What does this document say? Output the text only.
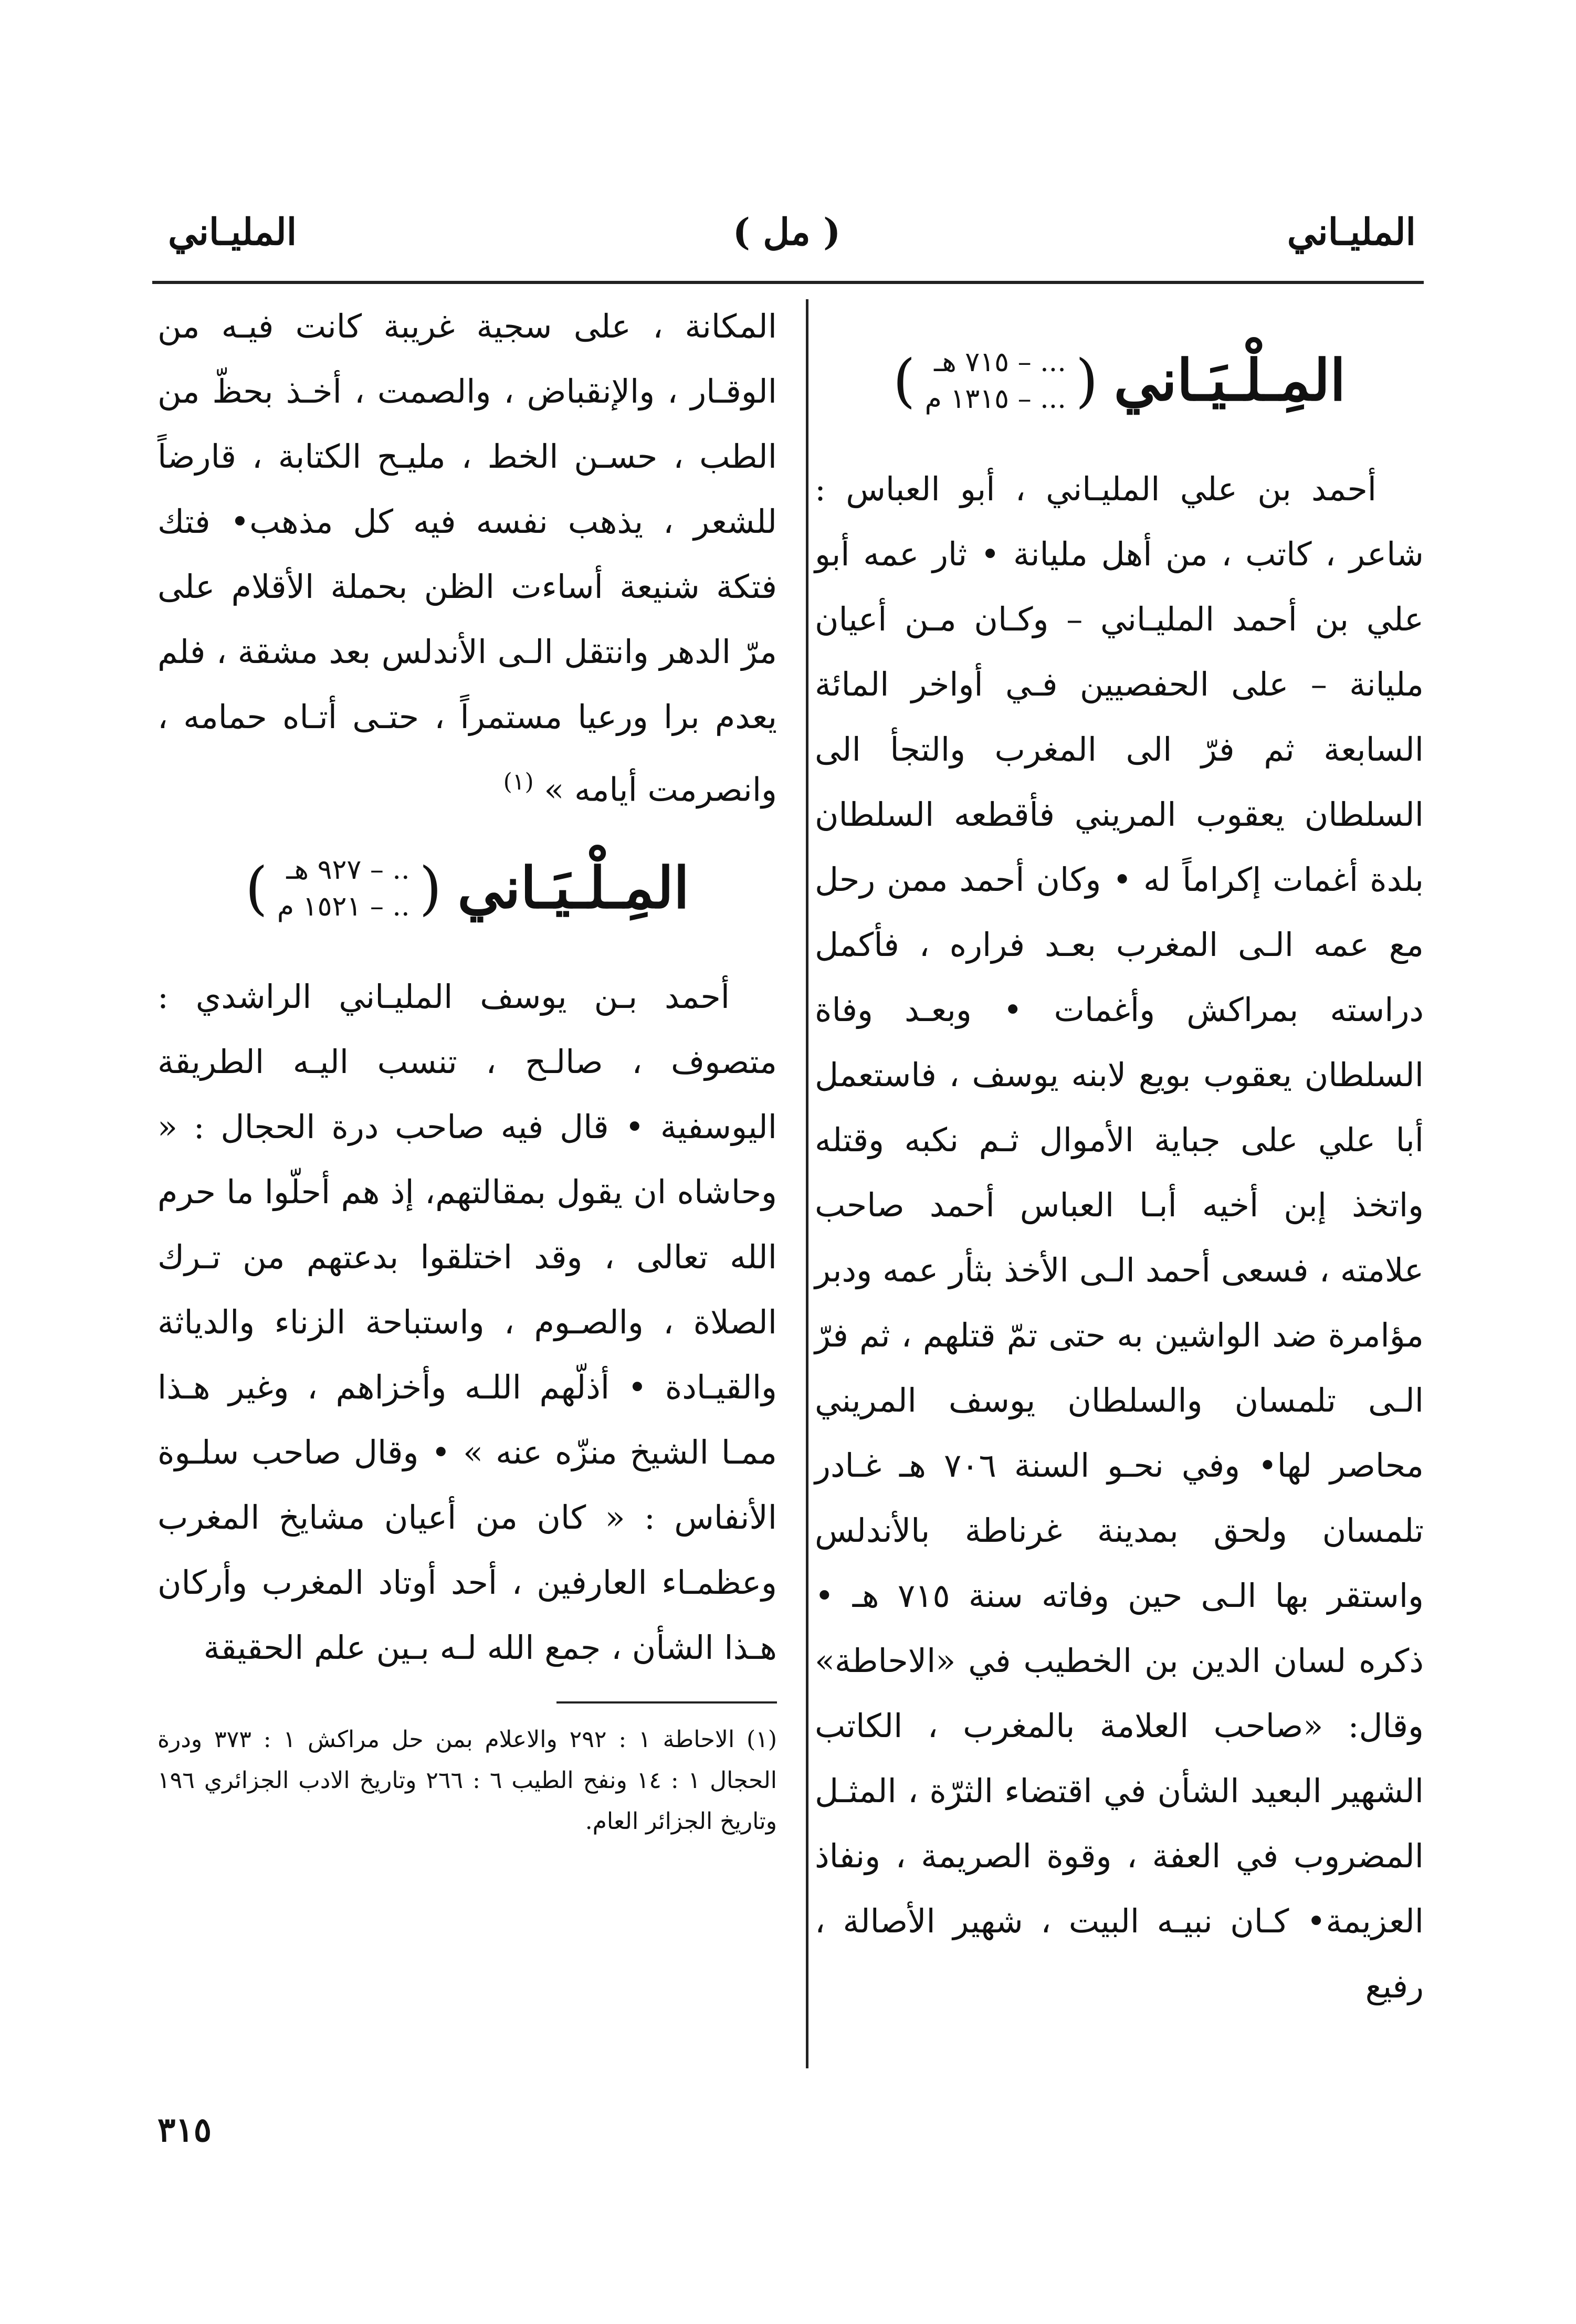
المليـاني	( مل )	المليـاني
( ... – ٧١٥ هـ
... – ١٣١٥ م ) المِـلْـيَـاني

أحمد بن علي المليـاني ، أبو العباس : شاعر ، كاتب ، من أهل مليانة • ثار عمه أبو علي بن أحمد المليـاني – وكـان مـن أعيان مليانة – على الحفصيين فـي أواخر المائة السابعة ثم فرّ الى المغرب والتجأ الى السلطان يعقوب المريني فأقطعه السلطان بلدة أغمات إكراماً له • وكان أحمد ممن رحل مع عمه الـى المغرب بعـد فراره ، فأكمل دراسته بمراكش وأغمات • وبعـد وفاة السلطان يعقوب بويع لابنه يوسف ، فاستعمل أبا علي على جباية الأموال ثـم نكبه وقتله واتخذ إبن أخيه أبـا العباس أحمد صاحب علامته ، فسعى أحمد الـى الأخذ بثأر عمه ودبر مؤامرة ضد الواشين به حتى تمّ قتلهم ، ثم فرّ الـى تلمسان والسلطان يوسف المريني محاصر لها• وفي نحـو السنة ٧٠٦ هـ غـادر تلمسان ولحق بمدينة غرناطة بالأندلس واستقر بها الـى حين وفاته سنة ٧١٥ هـ • ذكره لسان الدين بن الخطيب في «الاحاطة» وقال: «صاحب العلامة بالمغرب ، الكاتب الشهير البعيد الشأن في اقتضاء الثرّة ، المثـل المضروب في العفة ، وقوة الصريمة ، ونفاذ العزيمة• كـان نبيـه البيت ، شهير الأصالة ، رفيع

المكانة ، على سجية غريبة كانت فيـه من الوقـار ، والإنقباض ، والصمت ، أخـذ بحظّ من الطب ، حسـن الخط ، مليـح الكتابة ، قارضاً للشعر ، يذهب نفسه فيه كل مذهب• فتك فتكة شنيعة أساءت الظن بحملة الأقلام على مرّ الدهر وانتقل الـى الأندلس بعد مشقة ، فلم يعدم برا ورعيا مستمراً ، حتـى أتـاه حمامه ، وانصرمت أيامه » $^{(١)}$

( .. – ٩٢٧ هـ
.. – ١٥٢١ م ) المِـلْـيَـاني

أحمد بـن يوسف المليـاني الراشدي : متصوف ، صالـح ، تنسب اليـه الطريقة اليوسفية • قال فيه صاحب درة الحجال : « وحاشاه ان يقول بمقالتهم، إذ هم أحلّوا ما حرم الله تعالى ، وقد اختلقوا بدعتهم من تـرك الصلاة ، والصـوم ، واستباحة الزناء والدياثة والقيـادة • أذلّهم اللـه وأخزاهم ، وغير هـذا ممـا الشيخ منزّه عنه » • وقال صاحب سلـوة الأنفاس : « كان من أعيان مشايخ المغرب وعظمـاء العارفين ، أحد أوتاد المغرب وأركان هـذا الشأن ، جمع الله لـه بـين علم الحقيقة

(١) الاحاطة ١ : ٢٩٢ والاعلام بمن حل مراكش ١ : ٣٧٣ ودرة الحجال ١ : ١٤ ونفح الطيب ٦ : ٢٦٦ وتاريخ الادب الجزائري ١٩٦ وتاريخ الجزائر العام.

٣١٥
